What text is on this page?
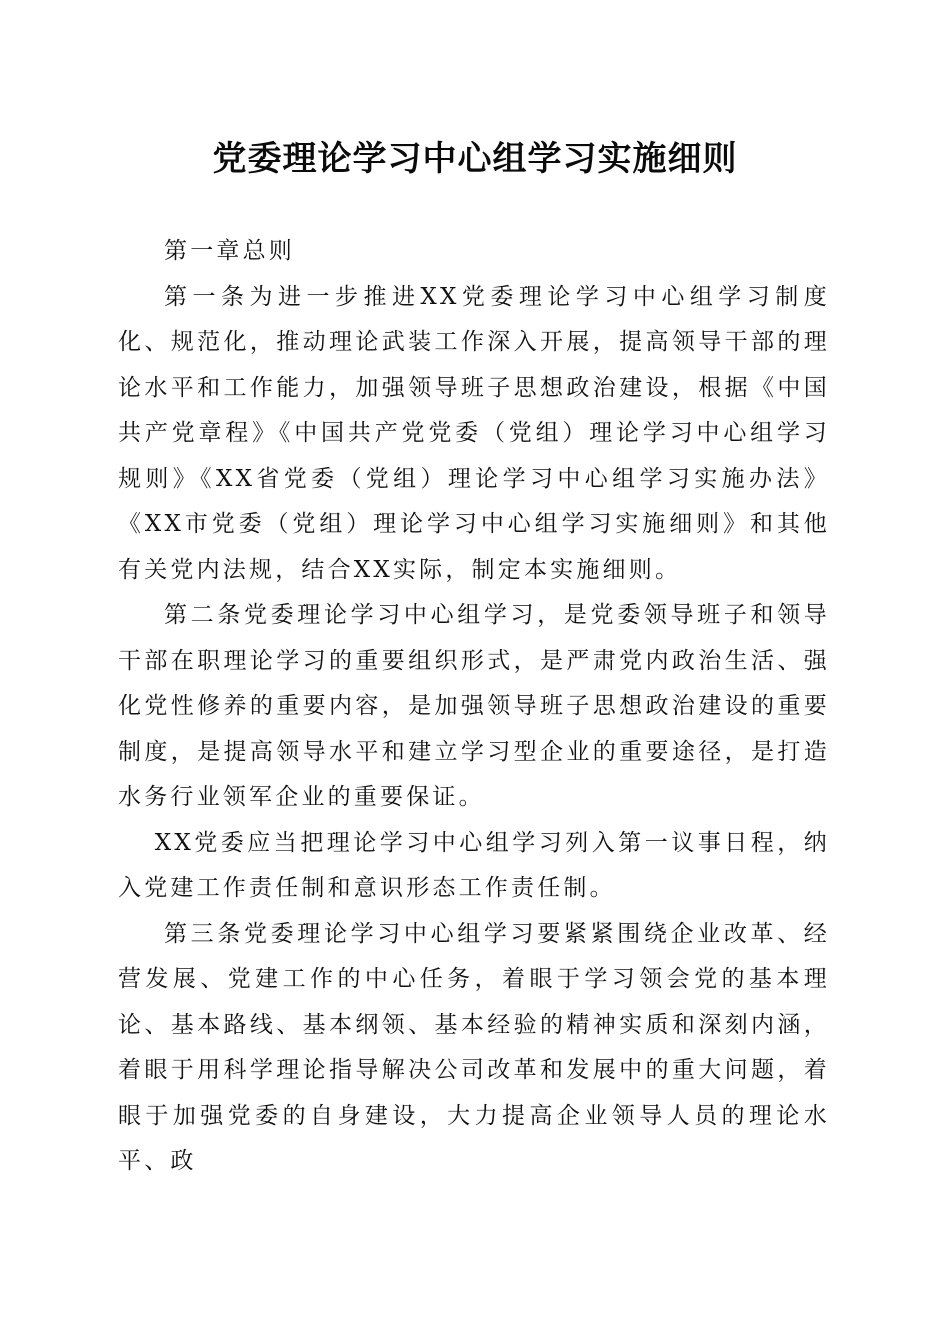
党委理论学习中心组学习实施细则

第一章总则

第一条为进一步推进XX党委理论学习中心组学习制度化、规范化，推动理论武装工作深入开展，提高领导干部的理论水平和工作能力，加强领导班子思想政治建设，根据《中国共产党章程》《中国共产党党委（党组）理论学习中心组学习规则》《XX省党委（党组）理论学习中心组学习实施办法》《XX市党委（党组）理论学习中心组学习实施细则》和其他有关党内法规，结合XX实际，制定本实施细则。

第二条党委理论学习中心组学习，是党委领导班子和领导干部在职理论学习的重要组织形式，是严肃党内政治生活、强化党性修养的重要内容，是加强领导班子思想政治建设的重要制度，是提高领导水平和建立学习型企业的重要途径，是打造水务行业领军企业的重要保证。

XX党委应当把理论学习中心组学习列入第一议事日程，纳入党建工作责任制和意识形态工作责任制。

第三条党委理论学习中心组学习要紧紧围绕企业改革、经营发展、党建工作的中心任务，着眼于学习领会党的基本理论、基本路线、基本纲领、基本经验的精神实质和深刻内涵，着眼于用科学理论指导解决公司改革和发展中的重大问题，着眼于加强党委的自身建设，大力提高企业领导人员的理论水平、政
